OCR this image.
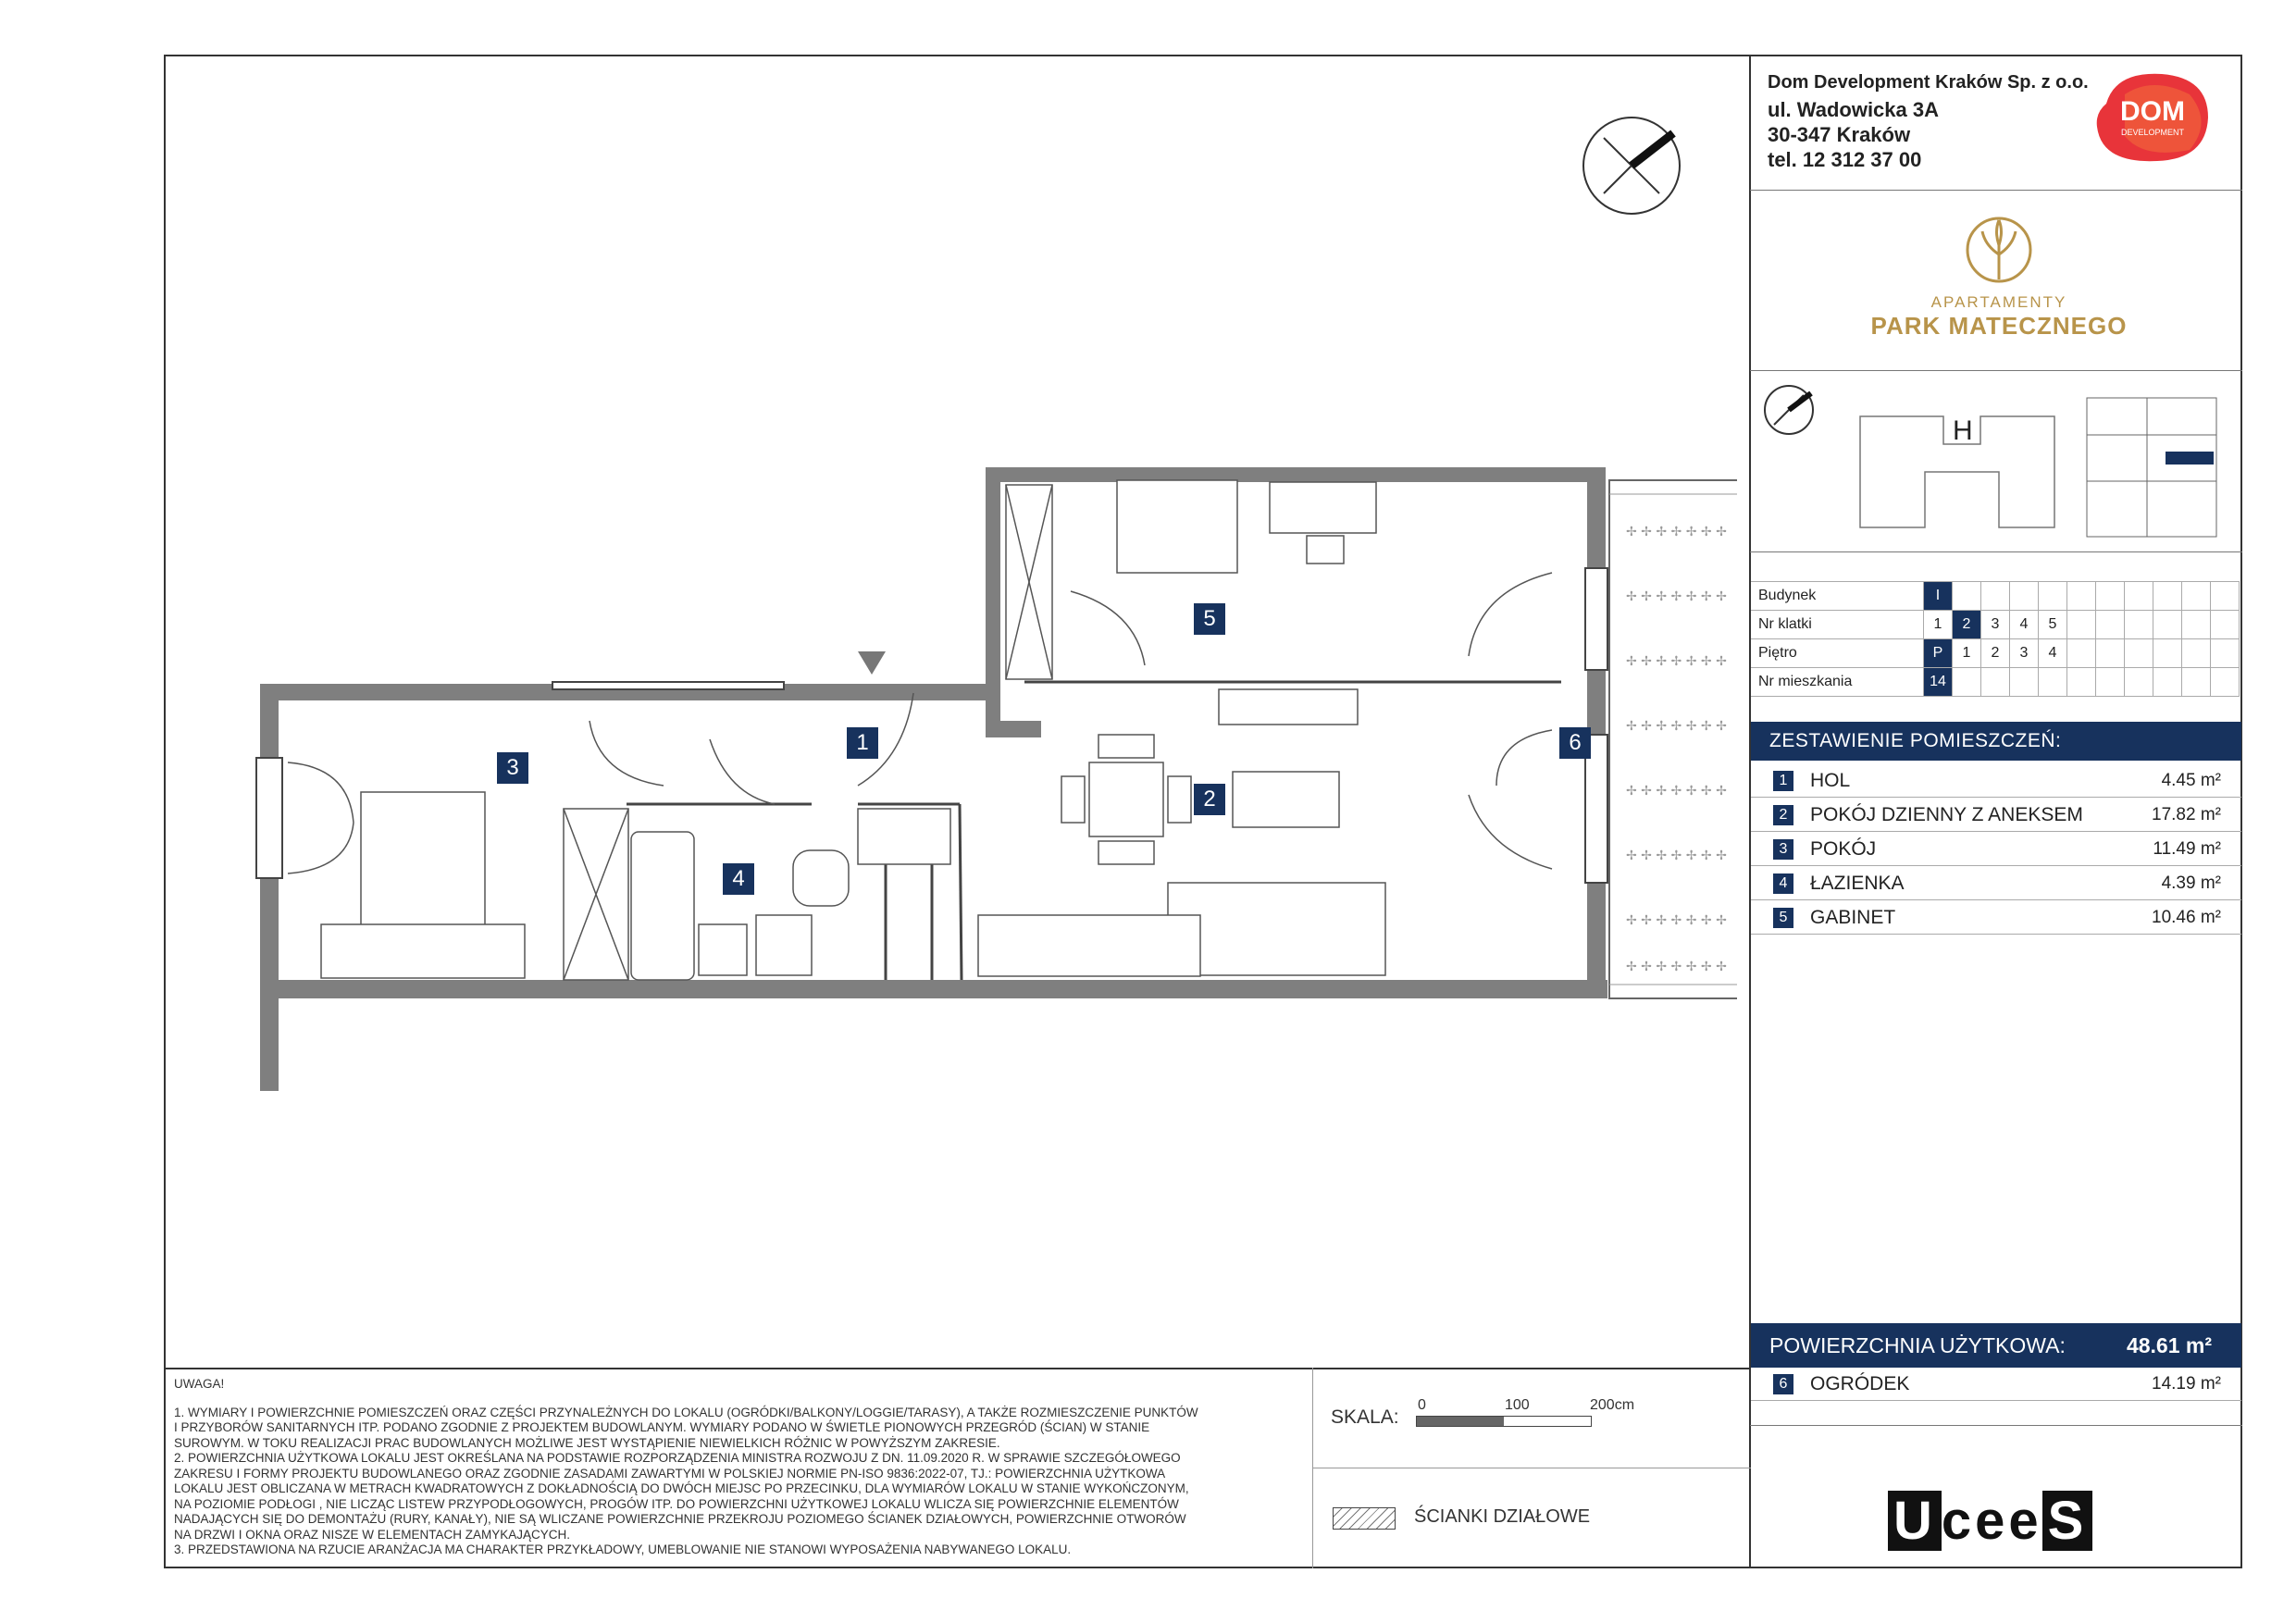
✢ ✢ ✢ ✢ ✢ ✢ ✢
✢ ✢ ✢ ✢ ✢ ✢ ✢
✢ ✢ ✢ ✢ ✢ ✢ ✢
✢ ✢ ✢ ✢ ✢ ✢ ✢
✢ ✢ ✢ ✢ ✢ ✢ ✢
✢ ✢ ✢ ✢ ✢ ✢ ✢
✢ ✢ ✢ ✢ ✢ ✢ ✢
✢ ✢ ✢ ✢ ✢ ✢ ✢
1
2
3
4
5
6
Dom Development Kraków Sp. z o.o.
ul. Wadowicka 3A
30-347 Kraków
tel. 12 312 37 00
DOM
DEVELOPMENT
APARTAMENTY
PARK MATECZNEGO
H
Budynek	I										
Nr klatki	1	2	3	4	5						
Piętro	P	1	2	3	4						
Nr mieszkania	14										
ZESTAWIENIE POMIESZCZEŃ:
1	HOL	4.45 m²
2	POKÓJ DZIENNY Z ANEKSEM	17.82 m²
3	POKÓJ	11.49 m²
4	ŁAZIENKA	4.39 m²
5	GABINET	10.46 m²
POWIERZCHNIA UŻYTKOWA:	48.61 m²
6	OGRÓDEK	14.19 m²
UWAGA!
1. WYMIARY I POWIERZCHNIE POMIESZCZEŃ ORAZ CZĘŚCI PRZYNALEŻNYCH DO LOKALU (OGRÓDKI/BALKONY/LOGGIE/TARASY), A TAKŻE ROZMIESZCZENIE PUNKTÓW
I PRZYBORÓW SANITARNYCH ITP. PODANO ZGODNIE Z PROJEKTEM BUDOWLANYM. WYMIARY PODANO W ŚWIETLE PIONOWYCH PRZEGRÓD (ŚCIAN) W STANIE
SUROWYM. W TOKU REALIZACJI PRAC BUDOWLANYCH MOŻLIWE JEST WYSTĄPIENIE NIEWIELKICH RÓŻNIC W POWYŻSZYM ZAKRESIE.
2. POWIERZCHNIA UŻYTKOWA LOKALU JEST OKREŚLANA NA PODSTAWIE ROZPORZĄDZENIA MINISTRA ROZWOJU Z DN. 11.09.2020 R. W SPRAWIE SZCZEGÓŁOWEGO
ZAKRESU I FORMY PROJEKTU BUDOWLANEGO ORAZ ZGODNIE ZASADAMI ZAWARTYMI W POLSKIEJ NORMIE PN-ISO 9836:2022-07, TJ.: POWIERZCHNIA UŻYTKOWA
LOKALU JEST OBLICZANA W METRACH KWADRATOWYCH Z DOKŁADNOŚCIĄ DO DWÓCH MIEJSC PO PRZECINKU, DLA WYMIARÓW LOKALU W STANIE WYKOŃCZONYM,
NA POZIOMIE PODŁOGI , NIE LICZĄC LISTEW PRZYPODŁOGOWYCH, PROGÓW ITP. DO POWIERZCHNI UŻYTKOWEJ LOKALU WLICZA SIĘ POWIERZCHNIE ELEMENTÓW
NADAJĄCYCH SIĘ DO DEMONTAŻU (RURY, KANAŁY), NIE SĄ WLICZANE POWIERZCHNIE PRZEKROJU POZIOMEGO ŚCIANEK DZIAŁOWYCH, POWIERZCHNIE OTWORÓW
NA DRZWI I OKNA ORAZ NISZE W ELEMENTACH ZAMYKAJĄCYCH.
3. PRZEDSTAWIONA NA RZUCIE ARANŻACJA MA CHARAKTER PRZYKŁADOWY, UMEBLOWANIE NIE STANOWI WYPOSAŻENIA NABYWANEGO LOKALU.
SKALA:
0	100	200cm
ŚCIANKI DZIAŁOWE	U cee S
